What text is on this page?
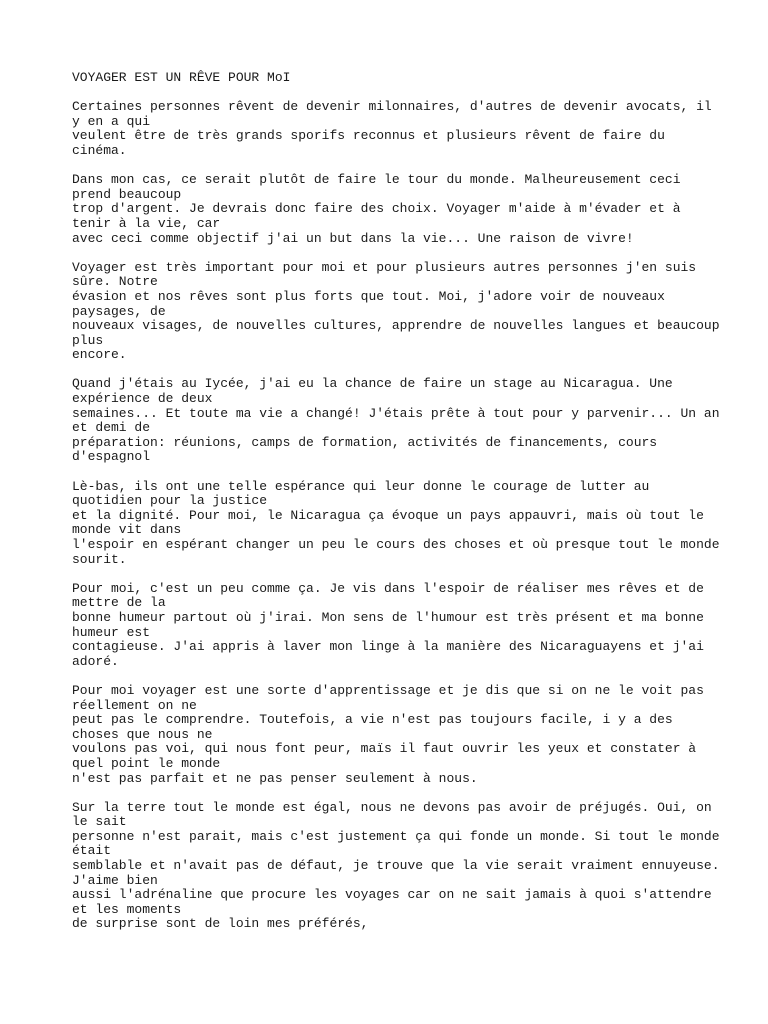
VOYAGER EST UN RÊVE POUR MoI
Certaines personnes rêvent de devenir milonnaires, d'autres de devenir avocats, il
y en a qui
veulent être de très grands sporifs reconnus et plusieurs rêvent de faire du
cinéma.
Dans mon cas, ce serait plutôt de faire le tour du monde. Malheureusement ceci
prend beaucoup
trop d'argent. Je devrais donc faire des choix. Voyager m'aide à m'évader et à
tenir à la vie, car
avec ceci comme objectif j'ai un but dans la vie... Une raison de vivre!
Voyager est très important pour moi et pour plusieurs autres personnes j'en suis
sûre. Notre
évasion et nos rêves sont plus forts que tout. Moi, j'adore voir de nouveaux
paysages, de
nouveaux visages, de nouvelles cultures, apprendre de nouvelles langues et beaucoup
plus
encore.
Quand j'étais au Iycée, j'ai eu la chance de faire un stage au Nicaragua. Une
expérience de deux
semaines... Et toute ma vie a changé! J'étais prête à tout pour y parvenir... Un an
et demi de
préparation: réunions, camps de formation, activités de financements, cours
d'espagnol
Lè-bas, ils ont une telle espérance qui leur donne le courage de lutter au
quotidien pour la justice
et la dignité. Pour moi, le Nicaragua ça évoque un pays appauvri, mais où tout le
monde vit dans
l'espoir en espérant changer un peu le cours des choses et où presque tout le monde
sourit.
Pour moi, c'est un peu comme ça. Je vis dans l'espoir de réaliser mes rêves et de
mettre de la
bonne humeur partout où j'irai. Mon sens de l'humour est très présent et ma bonne
humeur est
contagieuse. J'ai appris à laver mon linge à la manière des Nicaraguayens et j'ai
adoré.
Pour moi voyager est une sorte d'apprentissage et je dis que si on ne le voit pas
réellement on ne
peut pas le comprendre. Toutefois, a vie n'est pas toujours facile, i y a des
choses que nous ne
voulons pas voi, qui nous font peur, maïs il faut ouvrir les yeux et constater à
quel point le monde
n'est pas parfait et ne pas penser seulement à nous.
Sur la terre tout le monde est égal, nous ne devons pas avoir de préjugés. Oui, on
le sait
personne n'est parait, mais c'est justement ça qui fonde un monde. Si tout le monde
était
semblable et n'avait pas de défaut, je trouve que la vie serait vraiment ennuyeuse.
J'aime bien
aussi l'adrénaline que procure les voyages car on ne sait jamais à quoi s'attendre
et les moments
de surprise sont de loin mes préférés,
